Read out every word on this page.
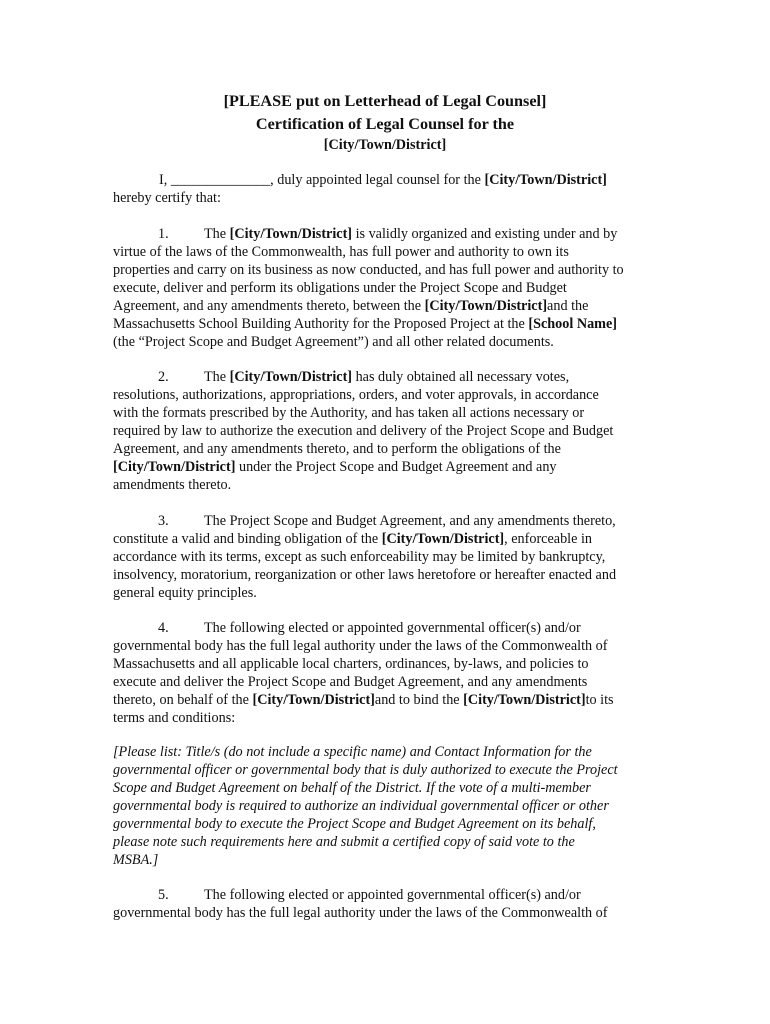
[PLEASE put on Letterhead of Legal Counsel]
Certification of Legal Counsel for the
[City/Town/District]
I, ______________, duly appointed legal counsel for the [City/Town/District]
hereby certify that:
1. The [City/Town/District] is validly organized and existing under and by
virtue of the laws of the Commonwealth, has full power and authority to own its
properties and carry on its business as now conducted, and has full power and authority to
execute, deliver and perform its obligations under the Project Scope and Budget
Agreement, and any amendments thereto, between the [City/Town/District]and the
Massachusetts School Building Authority for the Proposed Project at the [School Name]
(the “Project Scope and Budget Agreement”) and all other related documents.
2. The [City/Town/District] has duly obtained all necessary votes,
resolutions, authorizations, appropriations, orders, and voter approvals, in accordance
with the formats prescribed by the Authority, and has taken all actions necessary or
required by law to authorize the execution and delivery of the Project Scope and Budget
Agreement, and any amendments thereto, and to perform the obligations of the
[City/Town/District] under the Project Scope and Budget Agreement and any
amendments thereto.
3. The Project Scope and Budget Agreement, and any amendments thereto,
constitute a valid and binding obligation of the [City/Town/District], enforceable in
accordance with its terms, except as such enforceability may be limited by bankruptcy,
insolvency, moratorium, reorganization or other laws heretofore or hereafter enacted and
general equity principles.
4. The following elected or appointed governmental officer(s) and/or
governmental body has the full legal authority under the laws of the Commonwealth of
Massachusetts and all applicable local charters, ordinances, by-laws, and policies to
execute and deliver the Project Scope and Budget Agreement, and any amendments
thereto, on behalf of the [City/Town/District]and to bind the [City/Town/District]to its
terms and conditions:
[Please list: Title/s (do not include a specific name) and Contact Information for the
governmental officer or governmental body that is duly authorized to execute the Project
Scope and Budget Agreement on behalf of the District. If the vote of a multi-member
governmental body is required to authorize an individual governmental officer or other
governmental body to execute the Project Scope and Budget Agreement on its behalf,
please note such requirements here and submit a certified copy of said vote to the
MSBA.]
5. The following elected or appointed governmental officer(s) and/or
governmental body has the full legal authority under the laws of the Commonwealth of
